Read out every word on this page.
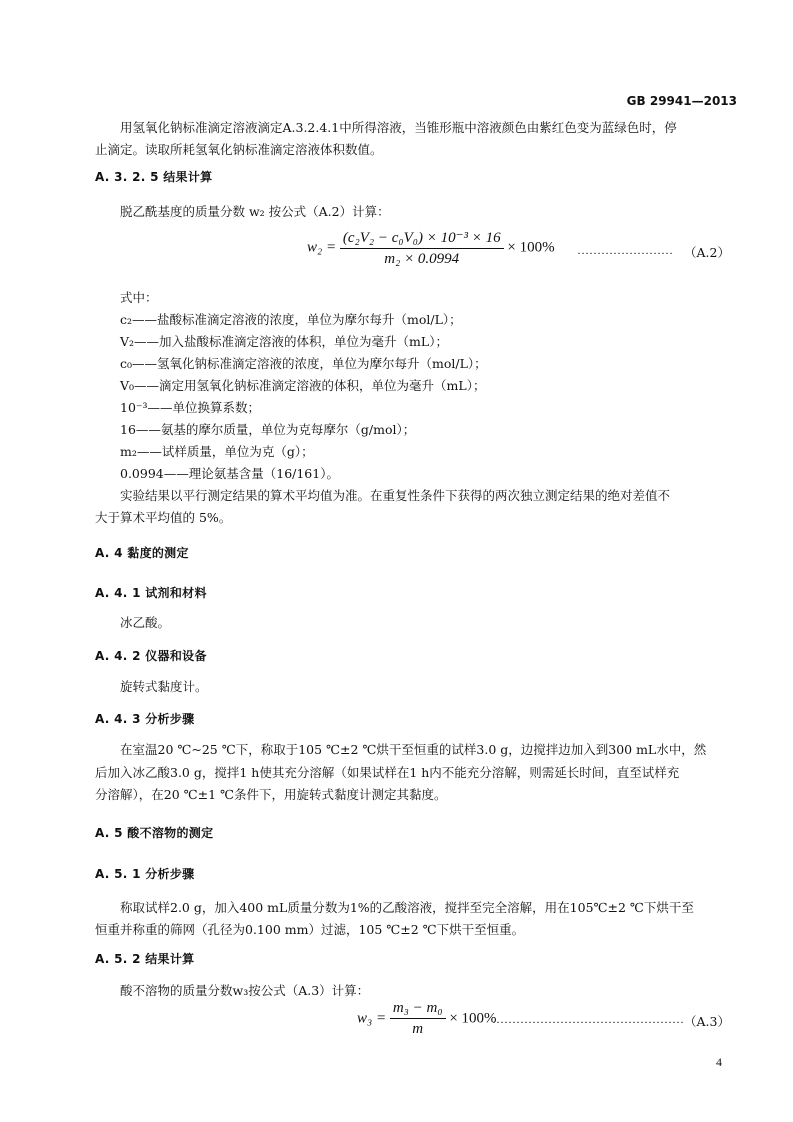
GB 29941—2013
用氢氧化钠标准滴定溶液滴定A.3.2.4.1中所得溶液，当锥形瓶中溶液颜色由紫红色变为蓝绿色时，停
止滴定。读取所耗氢氧化钠标准滴定溶液体积数值。
A. 3. 2. 5 结果计算
脱乙酰基度的质量分数 w₂ 按公式（A.2）计算：
$w_2 = \frac{\text{(c₂V₂ − c₀V₀) × 10⁻³ × 16}}{\text{m₂ × 0.0994}} \times 100\%$ …………………… （A.2）
式中：
c₂——盐酸标准滴定溶液的浓度，单位为摩尔每升（mol/L）；
V₂——加入盐酸标准滴定溶液的体积，单位为毫升（mL）；
c₀——氢氧化钠标准滴定溶液的浓度，单位为摩尔每升（mol/L）；
V₀——滴定用氢氧化钠标准滴定溶液的体积，单位为毫升（mL）；
10⁻³——单位换算系数；
16——氨基的摩尔质量，单位为克每摩尔（g/mol）；
m₂——试样质量，单位为克（g）；
0.0994——理论氨基含量（16/161）。
实验结果以平行测定结果的算术平均值为准。在重复性条件下获得的两次独立测定结果的绝对差值不
大于算术平均值的 5%。
A. 4 黏度的测定
A. 4. 1 试剂和材料
冰乙酸。
A. 4. 2 仪器和设备
旋转式黏度计。
A. 4. 3 分析步骤
在室温20 ℃~25 ℃下，称取于105 ℃±2 ℃烘干至恒重的试样3.0 g，边搅拌边加入到300 mL水中，然
后加入冰乙酸3.0 g，搅拌1 h使其充分溶解（如果试样在1 h内不能充分溶解，则需延长时间，直至试样充
分溶解），在20 ℃±1 ℃条件下，用旋转式黏度计测定其黏度。
A. 5 酸不溶物的测定
A. 5. 1 分析步骤
称取试样2.0 g，加入400 mL质量分数为1%的乙酸溶液，搅拌至完全溶解，用在105℃±2 ℃下烘干至
恒重并称重的筛网（孔径为0.100 mm）过滤，105 ℃±2 ℃下烘干至恒重。
A. 5. 2 结果计算
酸不溶物的质量分数w₃按公式（A.3）计算：
$w_3 = \frac{\text{m₃ − m₀}}{m} \times 100\%$
………………………………………… （A.3）
4
